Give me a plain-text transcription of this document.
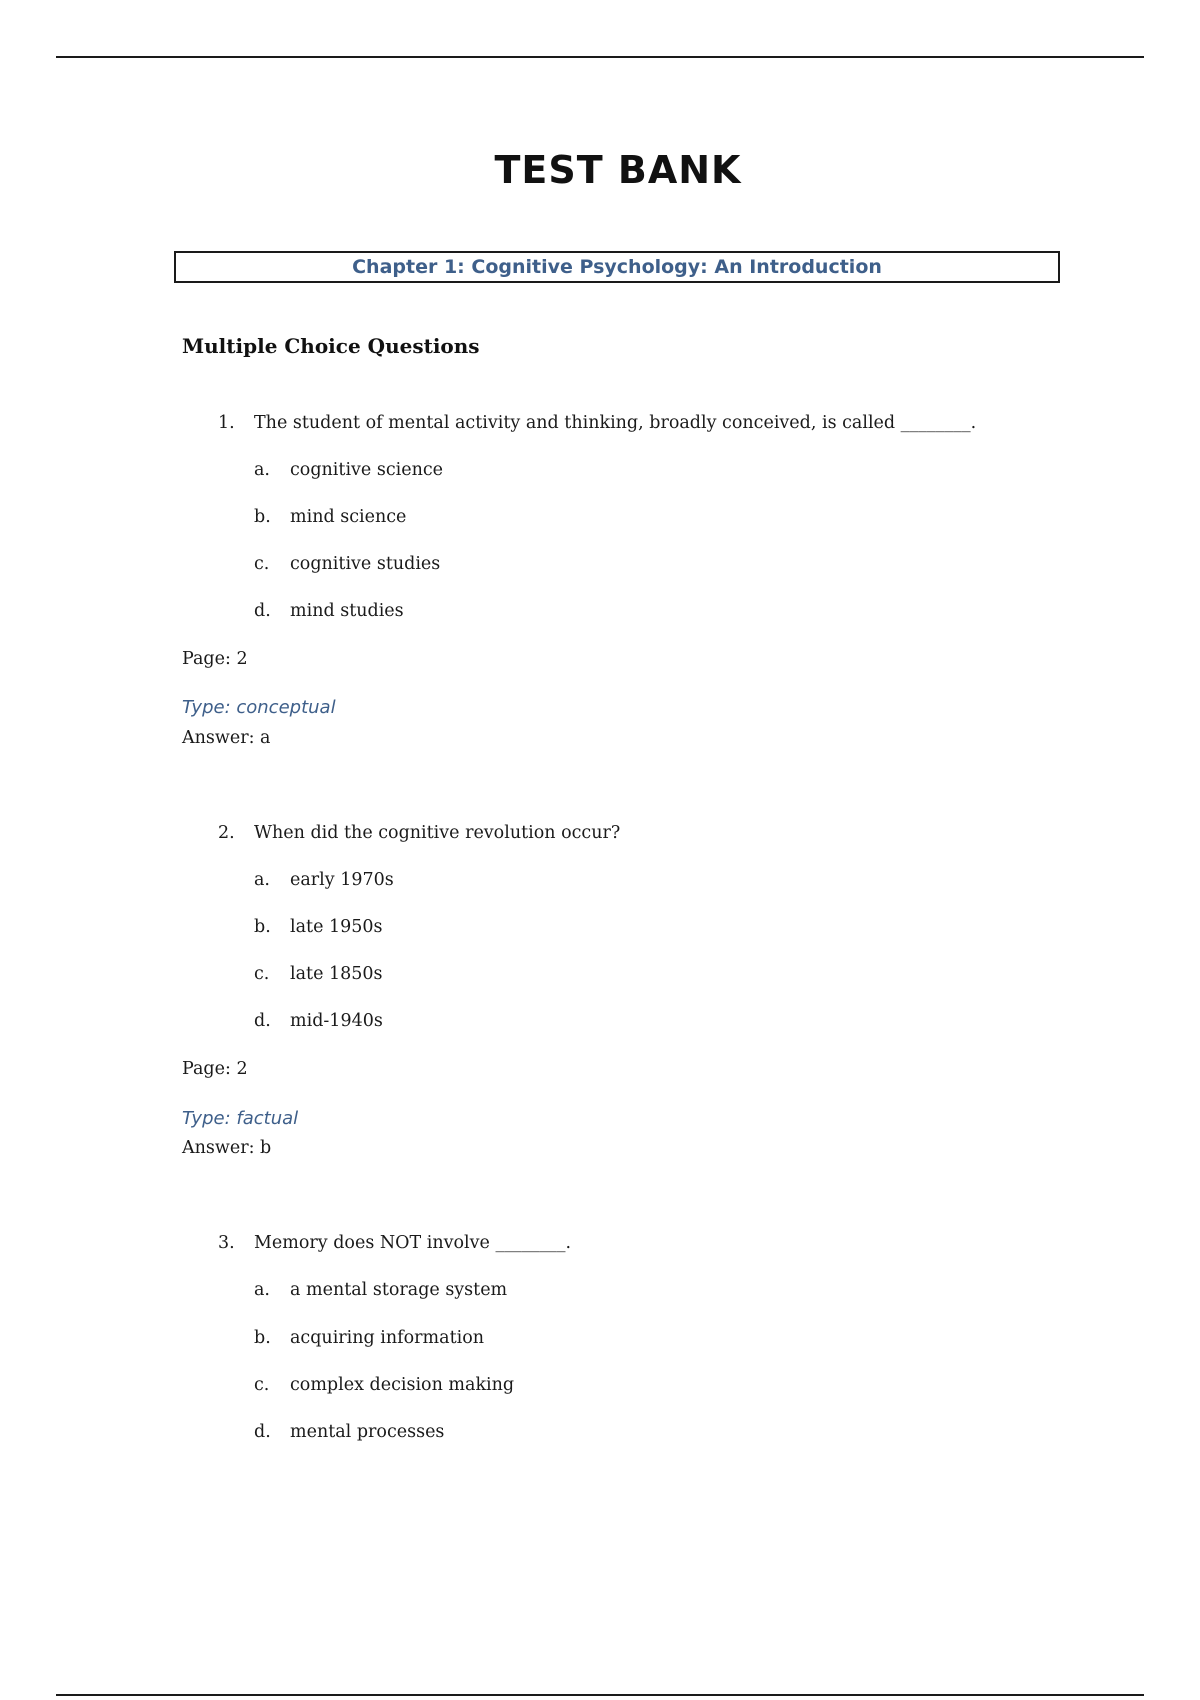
TEST BANK
Chapter 1: Cognitive Psychology: An Introduction
Multiple Choice Questions
1. The student of mental activity and thinking, broadly conceived, is called ________.
a. cognitive science
b. mind science
c. cognitive studies
d. mind studies
Page: 2
Type: conceptual
Answer: a
2. When did the cognitive revolution occur?
a. early 1970s
b. late 1950s
c. late 1850s
d. mid-1940s
Page: 2
Type: factual
Answer: b
3. Memory does NOT involve ________.
a. a mental storage system
b. acquiring information
c. complex decision making
d. mental processes
